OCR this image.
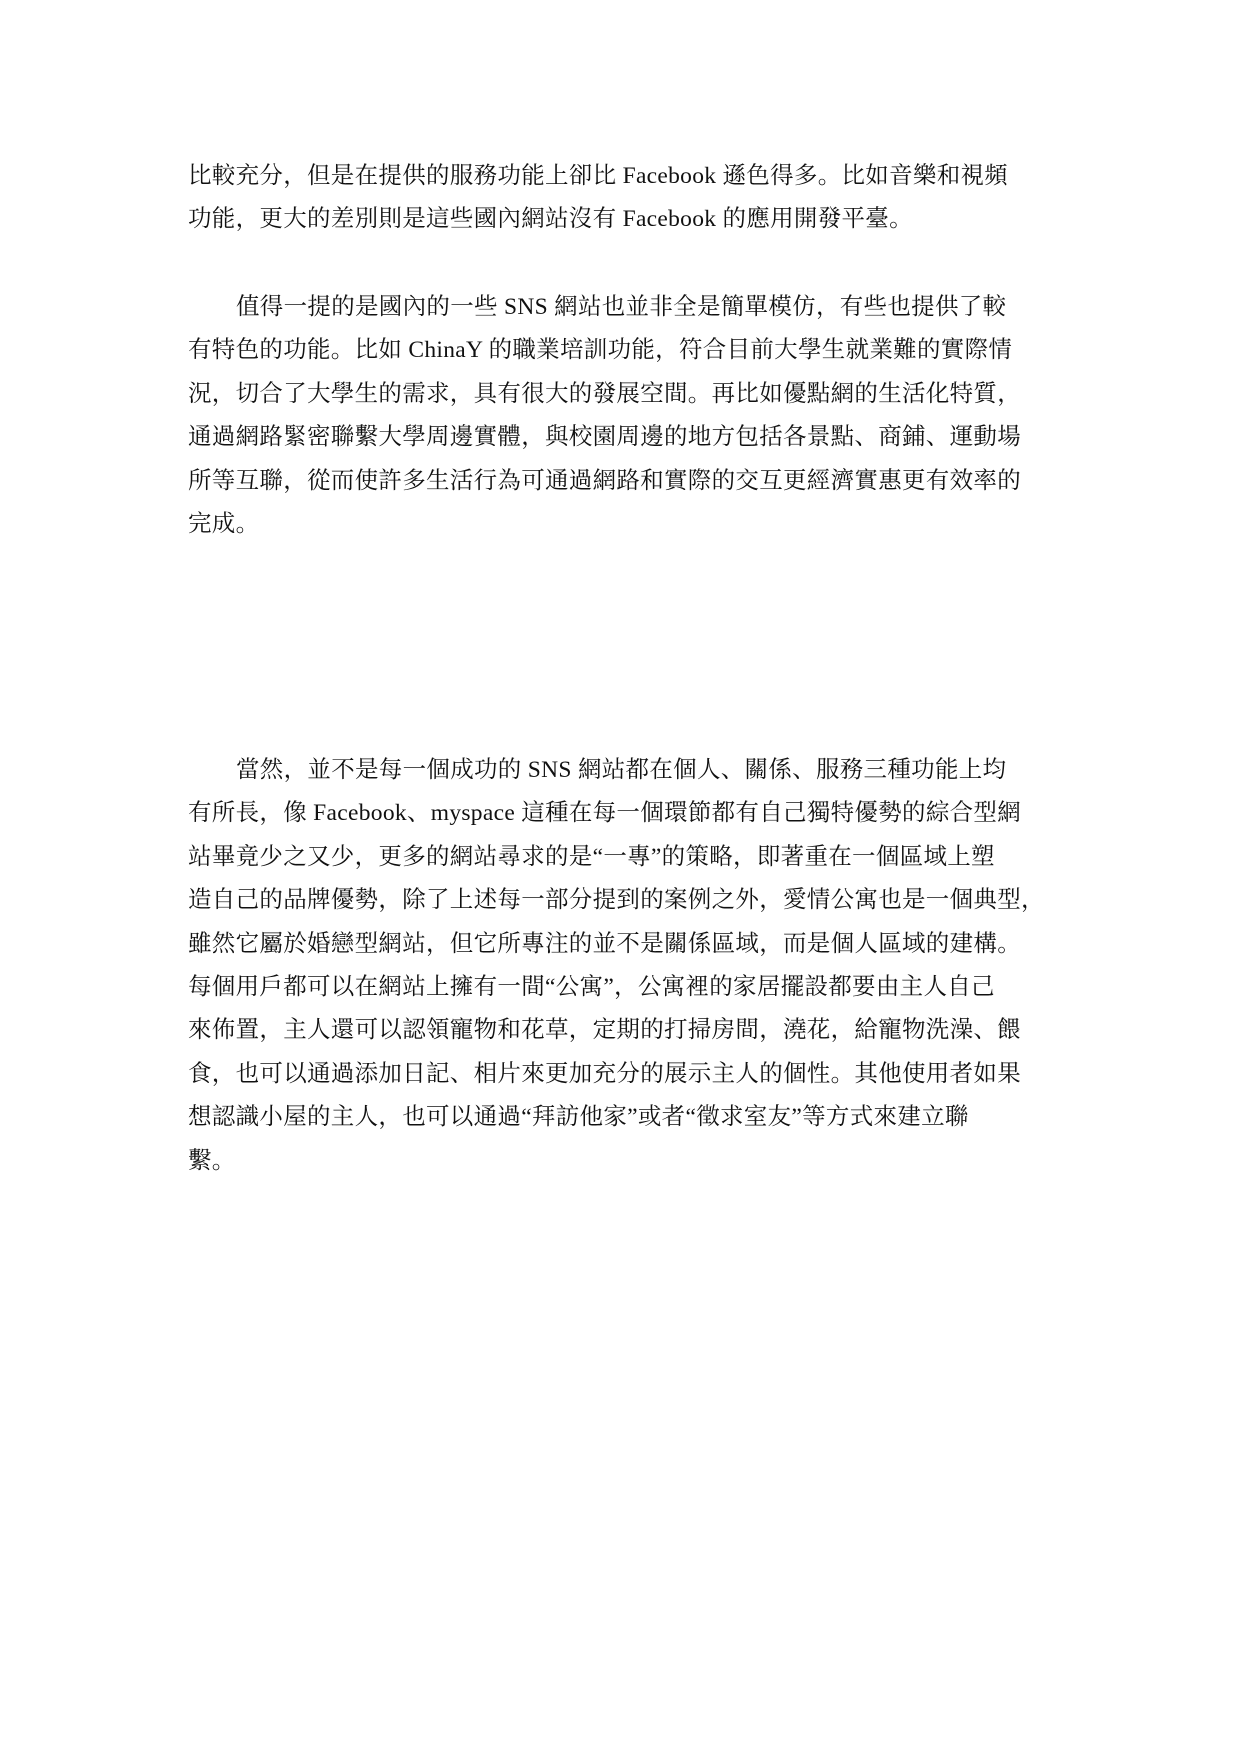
比較充分，但是在提供的服務功能上卻比 Facebook 遜色得多。比如音樂和視頻
功能，更大的差別則是這些國內網站沒有 Facebook 的應用開發平臺。
值得一提的是國內的一些 SNS 網站也並非全是簡單模仿，有些也提供了較
有特色的功能。比如 ChinaY 的職業培訓功能，符合目前大學生就業難的實際情
況，切合了大學生的需求，具有很大的發展空間。再比如優點網的生活化特質，
通過網路緊密聯繫大學周邊實體，與校園周邊的地方包括各景點、商鋪、運動場
所等互聯，從而使許多生活行為可通過網路和實際的交互更經濟實惠更有效率的
完成。
當然，並不是每一個成功的 SNS 網站都在個人、關係、服務三種功能上均
有所長，像 Facebook、myspace 這種在每一個環節都有自己獨特優勢的綜合型網
站畢竟少之又少，更多的網站尋求的是“一專”的策略，即著重在一個區域上塑
造自己的品牌優勢，除了上述每一部分提到的案例之外，愛情公寓也是一個典型，
雖然它屬於婚戀型網站，但它所專注的並不是關係區域，而是個人區域的建構。
每個用戶都可以在網站上擁有一間“公寓”，公寓裡的家居擺設都要由主人自己
來佈置，主人還可以認領寵物和花草，定期的打掃房間，澆花，給寵物洗澡、餵
食，也可以通過添加日記、相片來更加充分的展示主人的個性。其他使用者如果
想認識小屋的主人，也可以通過“拜訪他家”或者“徵求室友”等方式來建立聯
繫。
